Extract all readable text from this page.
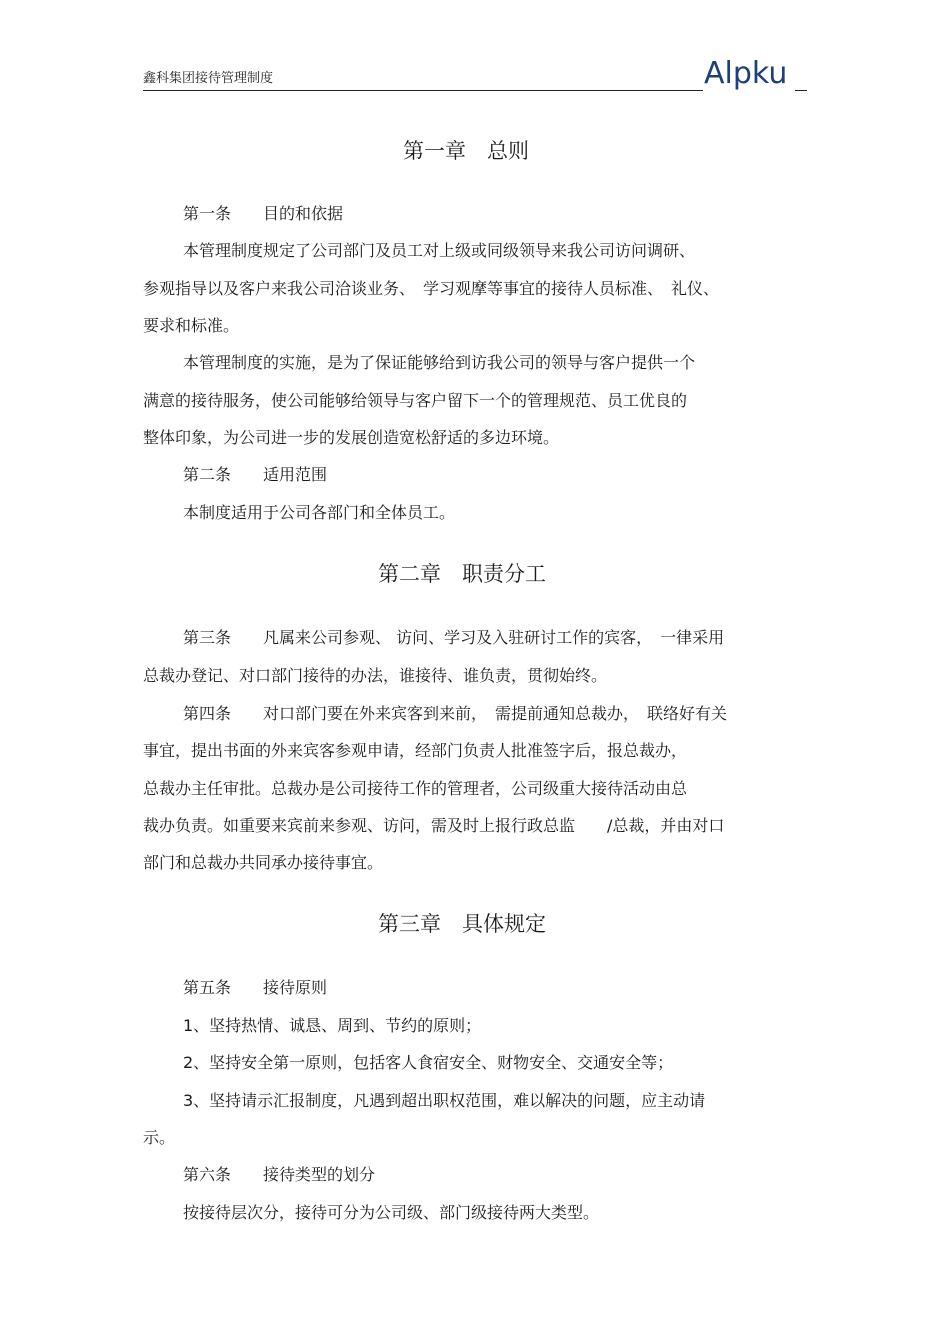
鑫科集团接待管理制度	Alpku
第一章　总则
第一条　　目的和依据
本管理制度规定了公司部门及员工对上级或同级领导来我公司访问调研、
参观指导以及客户来我公司洽谈业务、　学习观摩等事宜的接待人员标准、　礼仪、
要求和标准。
本管理制度的实施，是为了保证能够给到访我公司的领导与客户提供一个
满意的接待服务，使公司能够给领导与客户留下一个的管理规范、员工优良的
整体印象，为公司进一步的发展创造宽松舒适的多边环境。
第二条　　适用范围
本制度适用于公司各部门和全体员工。
第二章　职责分工
第三条　　凡属来公司参观、 访问、学习及入驻研讨工作的宾客，　一律采用
总裁办登记、对口部门接待的办法，谁接待、谁负责，贯彻始终。
第四条　　对口部门要在外来宾客到来前，　需提前通知总裁办，　联络好有关
事宜，提出书面的外来宾客参观申请，经部门负责人批准签字后，报总裁办，
总裁办主任审批。总裁办是公司接待工作的管理者，公司级重大接待活动由总
裁办负责。如重要来宾前来参观、访问，需及时上报行政总监　　/总裁，并由对口
部门和总裁办共同承办接待事宜。
第三章　具体规定
第五条　　接待原则
1、坚持热情、诚恳、周到、节约的原则；
2、坚持安全第一原则，包括客人食宿安全、财物安全、交通安全等；
3、坚持请示汇报制度，凡遇到超出职权范围，难以解决的问题，应主动请
示。
第六条　　接待类型的划分
按接待层次分，接待可分为公司级、部门级接待两大类型。
